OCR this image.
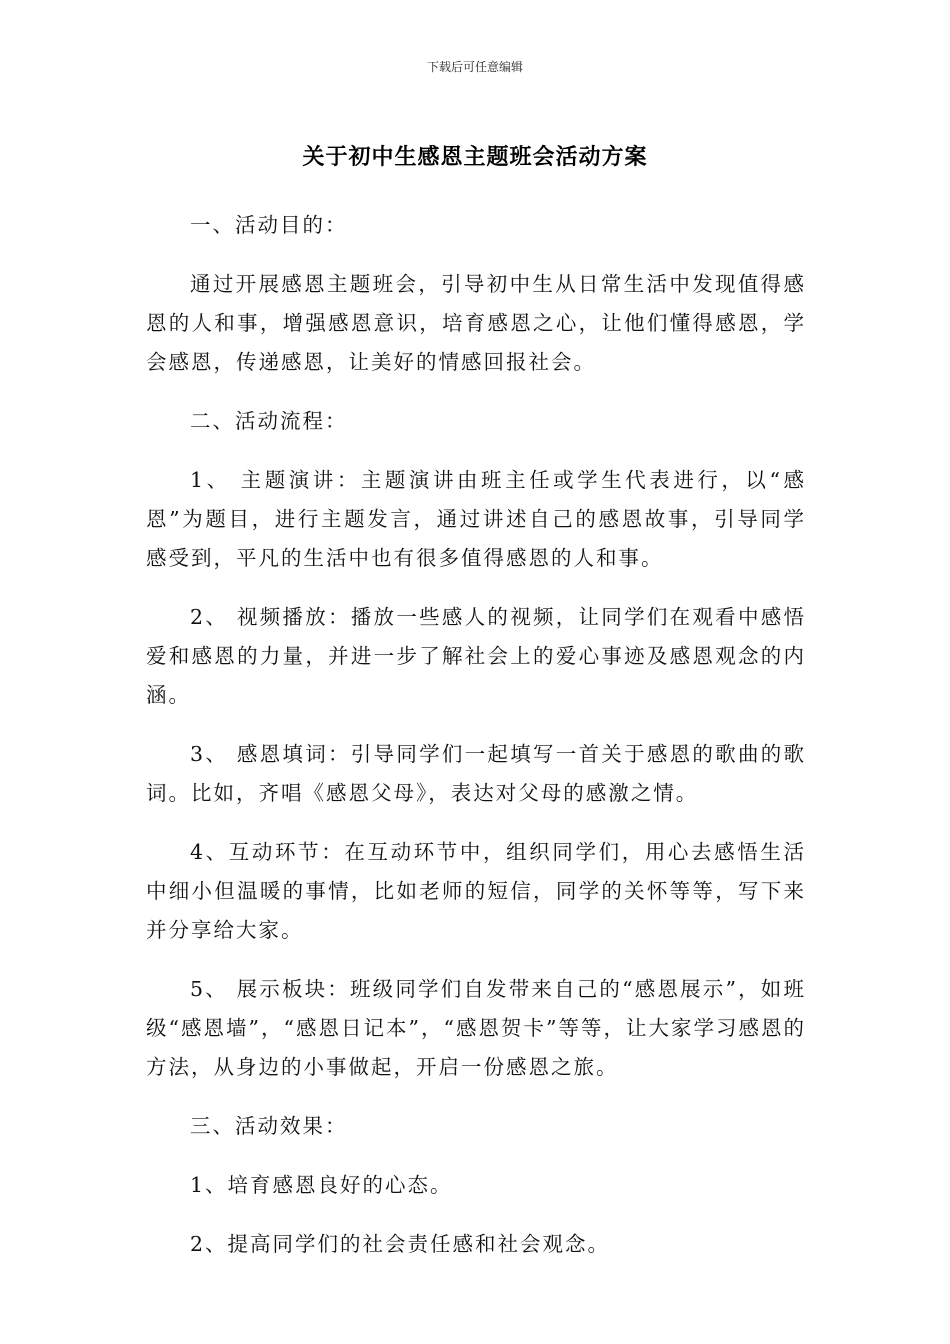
下载后可任意编辑
关于初中生感恩主题班会活动方案

一、活动目的：

通过开展感恩主题班会，引导初中生从日常生活中发现值得感恩的人和事，增强感恩意识，培育感恩之心，让他们懂得感恩，学会感恩，传递感恩，让美好的情感回报社会。

二、活动流程：

1、 主题演讲：主题演讲由班主任或学生代表进行，以“感恩”为题目，进行主题发言，通过讲述自己的感恩故事，引导同学感受到，平凡的生活中也有很多值得感恩的人和事。

2、 视频播放：播放一些感人的视频，让同学们在观看中感悟爱和感恩的力量，并进一步了解社会上的爱心事迹及感恩观念的内涵。

3、 感恩填词：引导同学们一起填写一首关于感恩的歌曲的歌词。比如，齐唱《感恩父母》，表达对父母的感激之情。

4、互动环节：在互动环节中，组织同学们，用心去感悟生活中细小但温暖的事情，比如老师的短信，同学的关怀等等，写下来并分享给大家。

5、 展示板块：班级同学们自发带来自己的“感恩展示”，如班级“感恩墙”，“感恩日记本”，“感恩贺卡”等等，让大家学习感恩的方法，从身边的小事做起，开启一份感恩之旅。

三、活动效果：

1、培育感恩良好的心态。

2、提高同学们的社会责任感和社会观念。
